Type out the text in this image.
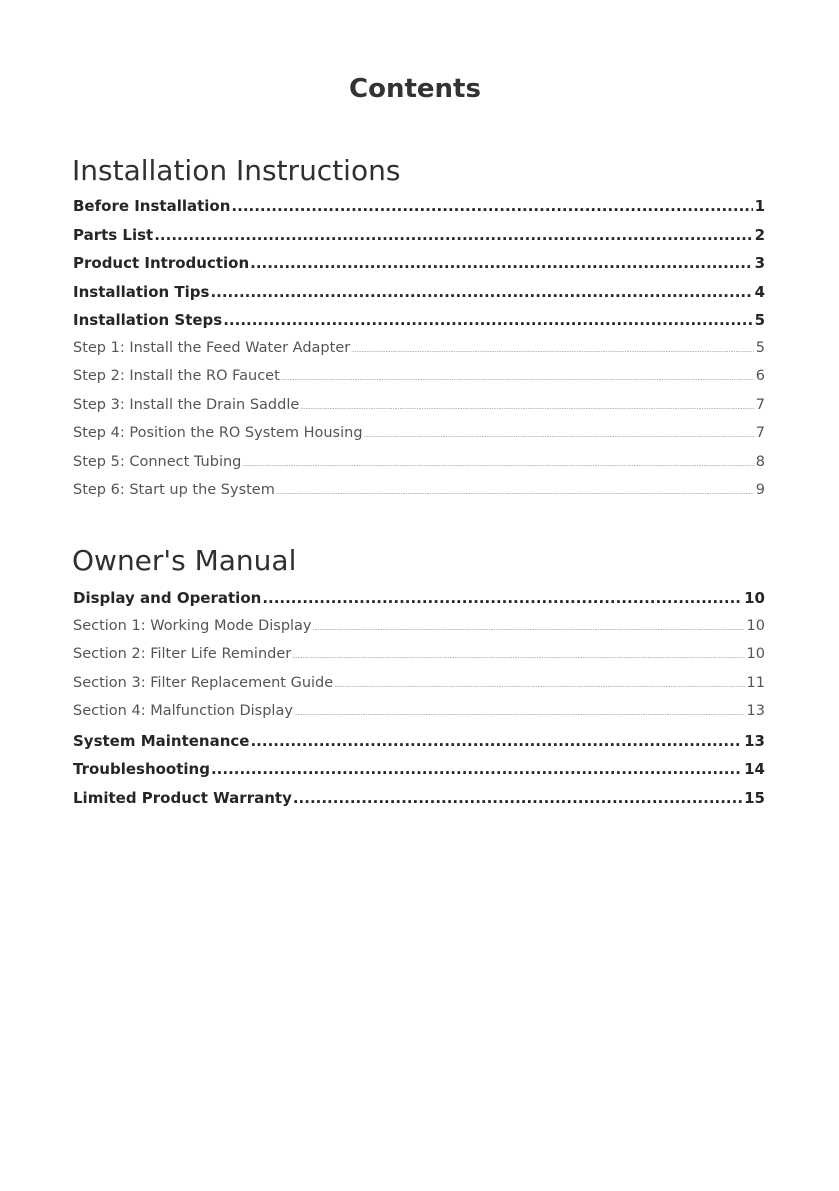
Contents
Installation Instructions
Before Installation .....	1
Parts List .....	2
Product Introduction .....	3
Installation Tips .....	4
Installation Steps .....	5
Step 1: Install the Feed Water Adapter .....	5
Step 2: Install the RO Faucet .....	6
Step 3: Install the Drain Saddle .....	7
Step 4: Position the RO System Housing .....	7
Step 5: Connect Tubing .....	8
Step 6: Start up the System .....	9
Owner's Manual
Display and Operation .....	10
Section 1: Working Mode Display .....	10
Section 2: Filter Life Reminder .....	10
Section 3: Filter Replacement Guide .....	11
Section 4: Malfunction Display .....	13
System Maintenance .....	13
Troubleshooting .....	14
Limited Product Warranty .....	15
